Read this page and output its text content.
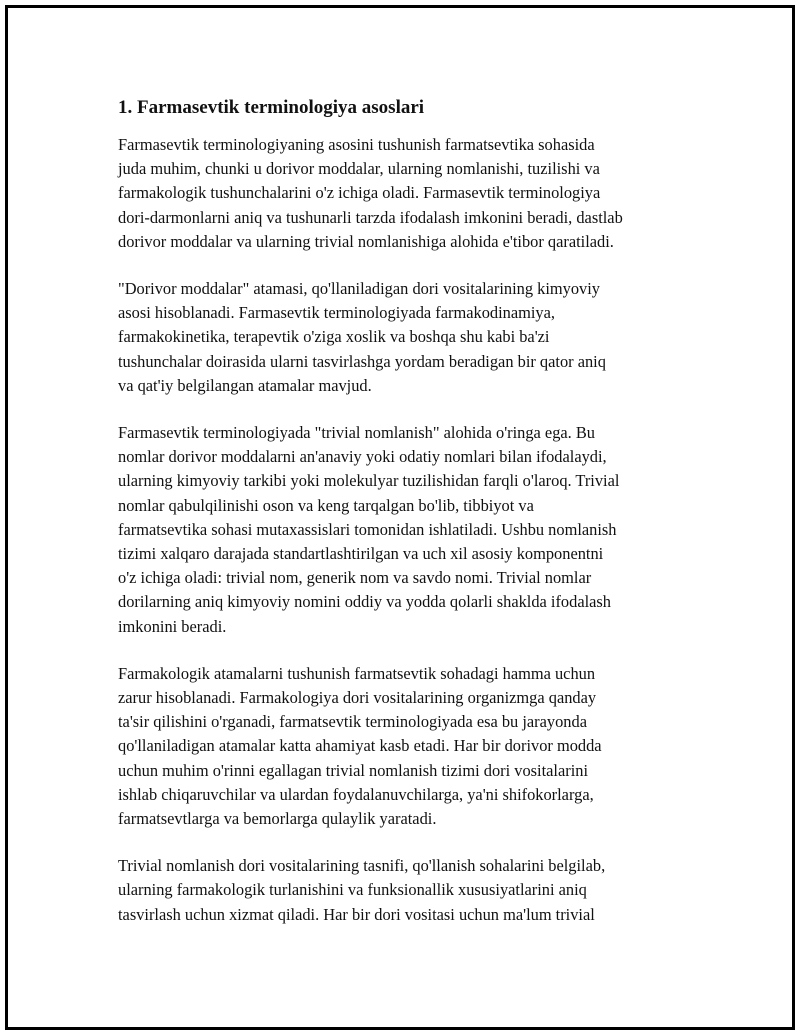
1. Farmasevtik terminologiya asoslari

Farmasevtik terminologiyaning asosini tushunish farmatsevtika sohasida
juda muhim, chunki u dorivor moddalar, ularning nomlanishi, tuzilishi va
farmakologik tushunchalarini o'z ichiga oladi. Farmasevtik terminologiya
dori-darmonlarni aniq va tushunarli tarzda ifodalash imkonini beradi, dastlab
dorivor moddalar va ularning trivial nomlanishiga alohida e'tibor qaratiladi.

"Dorivor moddalar" atamasi, qo'llaniladigan dori vositalarining kimyoviy
asosi hisoblanadi. Farmasevtik terminologiyada farmakodinamiya,
farmakokinetika, terapevtik o'ziga xoslik va boshqa shu kabi ba'zi
tushunchalar doirasida ularni tasvirlashga yordam beradigan bir qator aniq
va qat'iy belgilangan atamalar mavjud.

Farmasevtik terminologiyada "trivial nomlanish" alohida o'ringa ega. Bu
nomlar dorivor moddalarni an'anaviy yoki odatiy nomlari bilan ifodalaydi,
ularning kimyoviy tarkibi yoki molekulyar tuzilishidan farqli o'laroq. Trivial
nomlar qabulqilinishi oson va keng tarqalgan bo'lib, tibbiyot va
farmatsevtika sohasi mutaxassislari tomonidan ishlatiladi. Ushbu nomlanish
tizimi xalqaro darajada standartlashtirilgan va uch xil asosiy komponentni
o'z ichiga oladi: trivial nom, generik nom va savdo nomi. Trivial nomlar
dorilarning aniq kimyoviy nomini oddiy va yodda qolarli shaklda ifodalash
imkonini beradi.

Farmakologik atamalarni tushunish farmatsevtik sohadagi hamma uchun
zarur hisoblanadi. Farmakologiya dori vositalarining organizmga qanday
ta'sir qilishini o'rganadi, farmatsevtik terminologiyada esa bu jarayonda
qo'llaniladigan atamalar katta ahamiyat kasb etadi. Har bir dorivor modda
uchun muhim o'rinni egallagan trivial nomlanish tizimi dori vositalarini
ishlab chiqaruvchilar va ulardan foydalanuvchilarga, ya'ni shifokorlarga,
farmatsevtlarga va bemorlarga qulaylik yaratadi.

Trivial nomlanish dori vositalarining tasnifi, qo'llanish sohalarini belgilab,
ularning farmakologik turlanishini va funksionallik xususiyatlarini aniq
tasvirlash uchun xizmat qiladi. Har bir dori vositasi uchun ma'lum trivial
